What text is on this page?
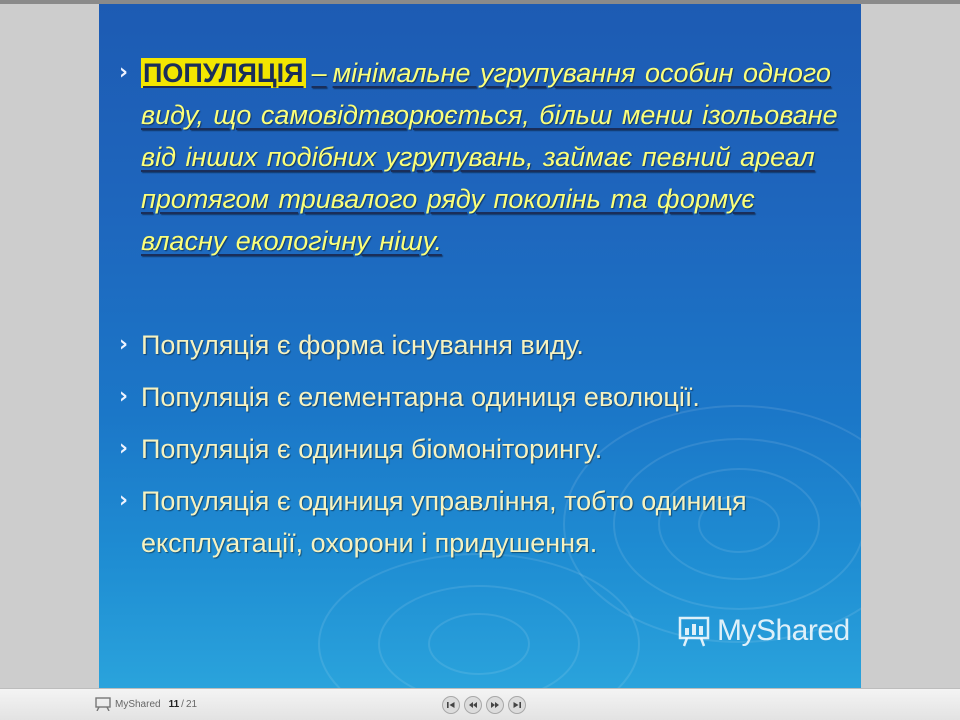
› ПОПУЛЯЦІЯ – мінімальне угрупування особин одного виду, що самовідтворюється, більш менш ізольоване від інших подібних угрупувань, займає певний ареал протягом тривалого ряду поколінь та формує власну екологічну нішу.
› Популяція є форма існування виду.
› Популяція є елементарна одиниця еволюції.
› Популяція є одиниця біомоніторингу.
› Популяція є одиниця управління, тобто одиниця експлуатації, охорони і придушення.
MyShared
MyShared 11 / 21
